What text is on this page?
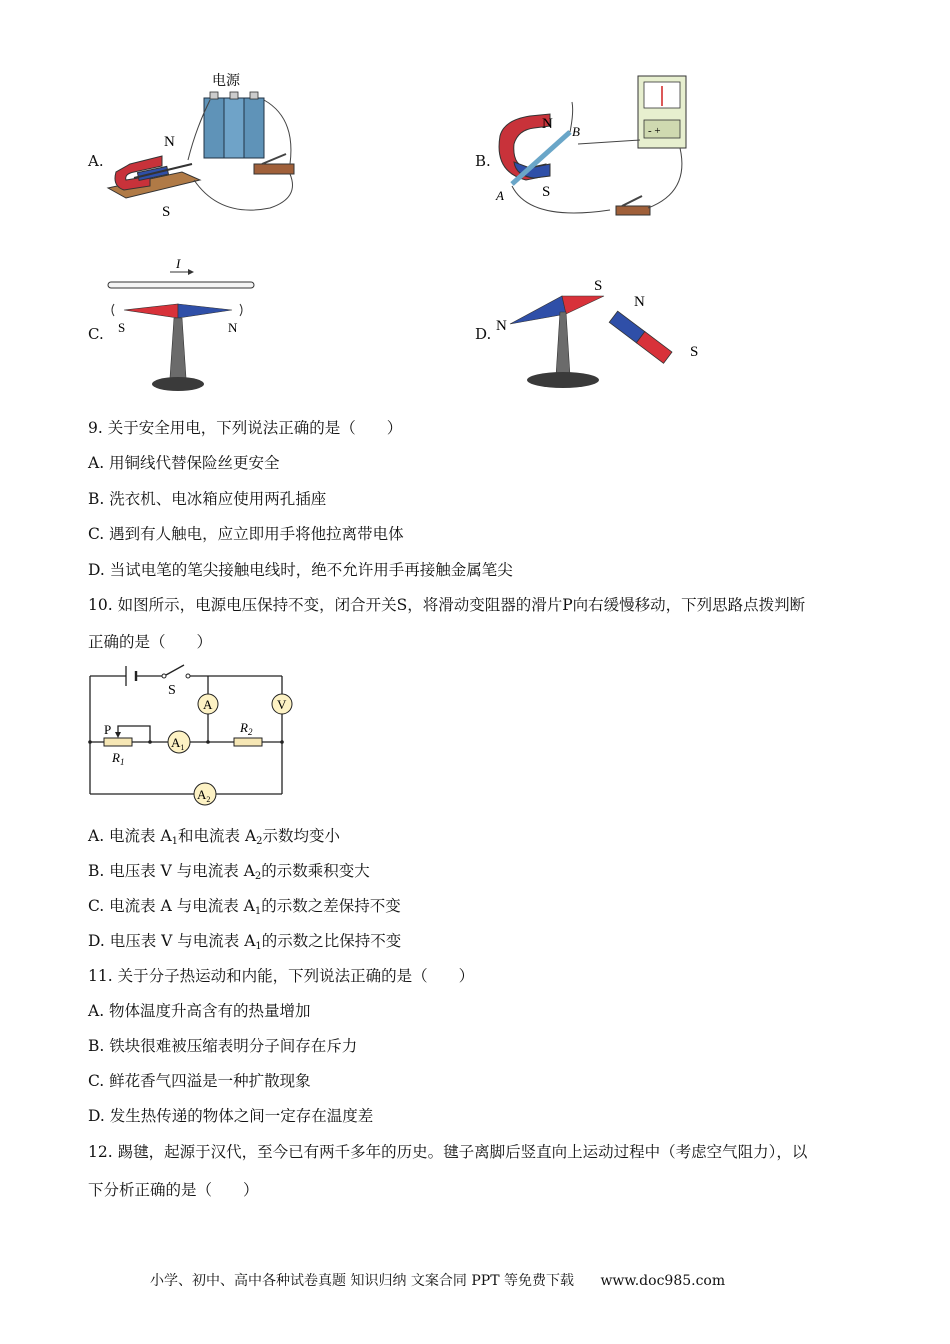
A.
电源
N
S
B.
N
S
A
B	- +
C.
I
S	N	D. N
S
N
S
9. 关于安全用电，下列说法正确的是（　　）
A. 用铜线代替保险丝更安全
B. 洗衣机、电冰箱应使用两孔插座
C. 遇到有人触电，应立即用手将他拉离带电体
D. 当试电笔的笔尖接触电线时，绝不允许用手再接触金属笔尖
10. 如图所示，电源电压保持不变，闭合开关S，将滑动变阻器的滑片P向右缓慢移动，下列思路点拨判断
正确的是（　　）
S
P
$R_1$
$R_2$
A	V
$A_1$
$A_2$
A. 电流表 $A_1$和电流表 $A_2$示数均变小
B. 电压表 V 与电流表 $A_2$的示数乘积变大
C. 电流表 A 与电流表 $A_1$的示数之差保持不变
D. 电压表 V 与电流表 $A_1$的示数之比保持不变
11. 关于分子热运动和内能，下列说法正确的是（　　）
A. 物体温度升高含有的热量增加
B. 铁块很难被压缩表明分子间存在斥力
C. 鲜花香气四溢是一种扩散现象
D. 发生热传递的物体之间一定存在温度差
12. 踢毽，起源于汉代，至今已有两千多年的历史。毽子离脚后竖直向上运动过程中（考虑空气阻力），以
下分析正确的是（　　）
小学、初中、高中各种试卷真题 知识归纳 文案合同 PPT 等免费下载 www.doc985.com
